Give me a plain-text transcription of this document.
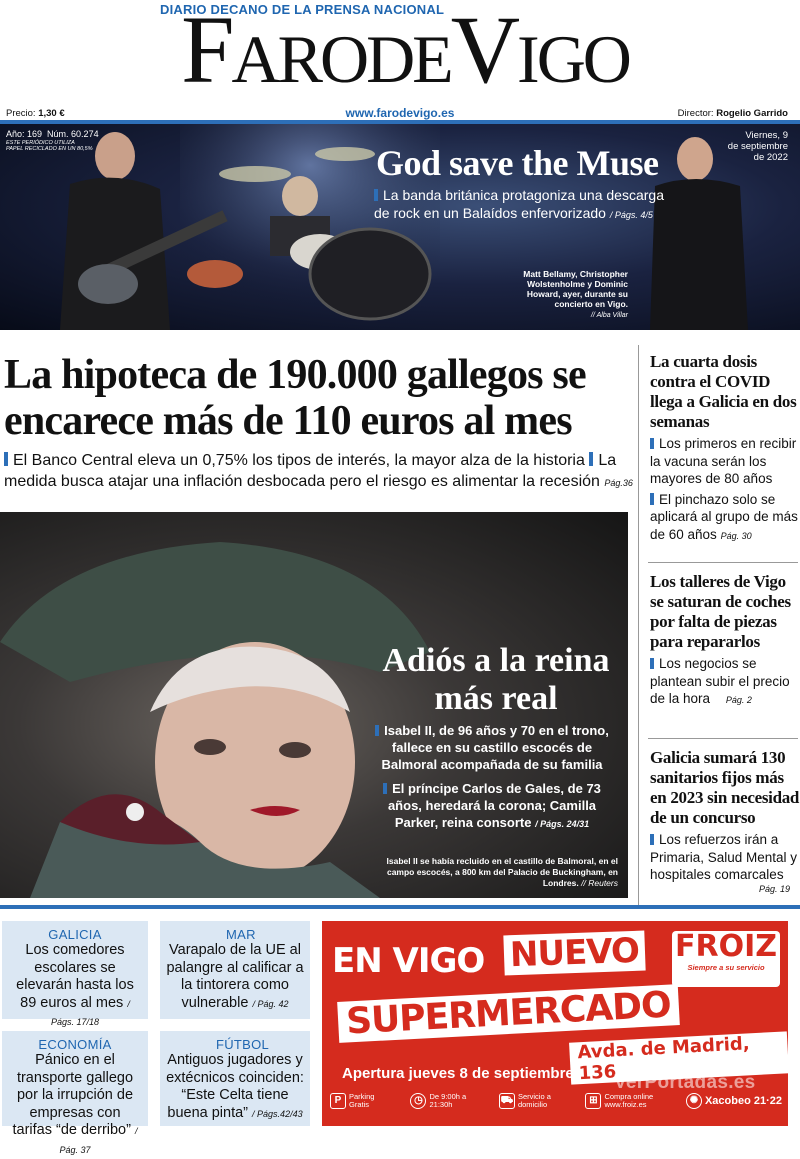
DIARIO DECANO DE LA PRENSA NACIONAL
FARODEVIGO
Precio: 1,30 €	www.farodevigo.es	Director: Rogelio Garrido
Año: 169 Núm. 60.274
ESTE PERIÓDICO UTILIZA
PAPEL RECICLADO EN UN 80,5%
Viernes, 9
de septiembre
de 2022
God save the Muse
La banda británica protagoniza una descarga de rock en un Balaídos enfervorizado / Págs. 4/5
Matt Bellamy, Christopher Wolstenholme y Dominic Howard, ayer, durante su concierto en Vigo.
// Alba Villar
La hipoteca de 190.000 gallegos se encarece más de 110 euros al mes
El Banco Central eleva un 0,75% los tipos de interés, la mayor alza de la historia La medida busca atajar una inflación desbocada pero el riesgo es alimentar la recesión Pág.36
Adiós a la reina más real
Isabel II, de 96 años y 70 en el trono, fallece en su castillo escocés de Balmoral acompañada de su familia
El príncipe Carlos de Gales, de 73 años, heredará la corona; Camilla Parker, reina consorte / Págs. 24/31
Isabel II se había recluido en el castillo de Balmoral, en el campo escocés, a 800 km del Palacio de Buckingham, en Londres. // Reuters
La cuarta dosis contra el COVID llega a Galicia en dos semanas

Los primeros en recibir la vacuna serán los mayores de 80 años

El pinchazo solo se aplicará al grupo de más de 60 años Pág. 30

Los talleres de Vigo se saturan de coches por falta de piezas para repararlos

Los negocios se plantean subir el precio de la hora Pág. 2

Galicia sumará 130 sanitarios fijos más en 2023 sin necesidad de un concurso

Los refuerzos irán a Primaria, Salud Mental y hospitales comarcales

Pág. 19
GALICIA
Los comedores escolares se elevarán hasta los 89 euros al mes / Págs. 17/18
MAR
Varapalo de la UE al palangre al calificar a la tintorera como vulnerable / Pág. 42
ECONOMÍA
Pánico en el transporte gallego por la irrupción de empresas con tarifas “de derribo” / Pág. 37
FÚTBOL
Antiguos jugadores y extécnicos coinciden: “Este Celta tiene buena pinta” / Págs.42/43
EN VIGO NUEVO FROIZ
Siempre a su servicio
SUPERMERCADO
Avda. de Madrid, 136
Apertura jueves 8 de septiembre
P	Parking Gratis	◷ De 9:00h a 21:30h	⛟ Servicio a domicilio	⊞ Compra online www.froiz.es	✺ Xacobeo 21·22
VerPortadas.es
